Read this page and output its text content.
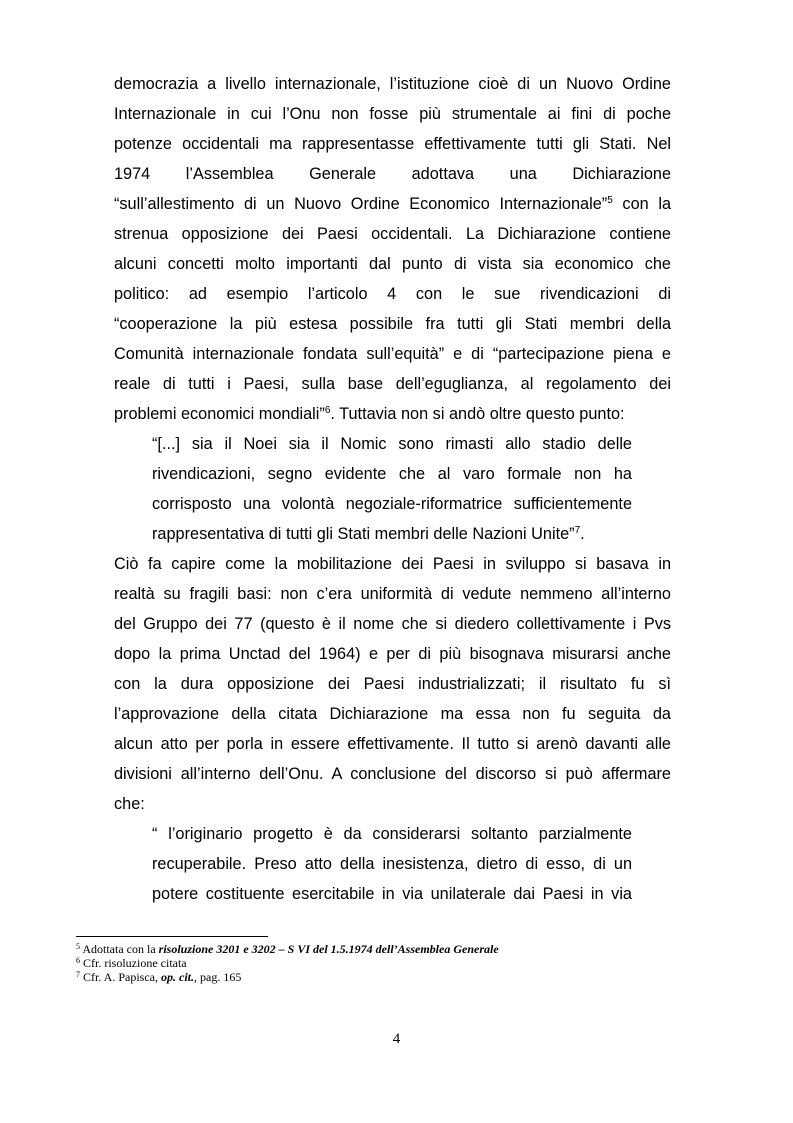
democrazia a livello internazionale, l’istituzione cioè di un Nuovo Ordine
Internazionale in cui l’Onu non fosse più strumentale ai fini di poche
potenze occidentali ma rappresentasse effettivamente tutti gli Stati. Nel
1974 l’Assemblea Generale adottava una Dichiarazione
“sull’allestimento di un Nuovo Ordine Economico Internazionale”$^5$ con la
strenua opposizione dei Paesi occidentali. La Dichiarazione contiene
alcuni concetti molto importanti dal punto di vista sia economico che
politico: ad esempio l’articolo 4 con le sue rivendicazioni di
“cooperazione la più estesa possibile fra tutti gli Stati membri della
Comunità internazionale fondata sull’equità” e di “partecipazione piena e
reale di tutti i Paesi, sulla base dell’eguglianza, al regolamento dei
problemi economici mondiali”$^6$. Tuttavia non si andò oltre questo punto:
“[...] sia il Noei sia il Nomic sono rimasti allo stadio delle
rivendicazioni, segno evidente che al varo formale non ha
corrisposto una volontà negoziale-riformatrice sufficientemente
rappresentativa di tutti gli Stati membri delle Nazioni Unite”$^7$.
Ciò fa capire come la mobilitazione dei Paesi in sviluppo si basava in
realtà su fragili basi: non c’era uniformità di vedute nemmeno all’interno
del Gruppo dei 77 (questo è il nome che si diedero collettivamente i Pvs
dopo la prima Unctad del 1964) e per di più bisognava misurarsi anche
con la dura opposizione dei Paesi industrializzati; il risultato fu sì
l’approvazione della citata Dichiarazione ma essa non fu seguita da
alcun atto per porla in essere effettivamente. Il tutto si arenò davanti alle
divisioni all’interno dell’Onu. A conclusione del discorso si può affermare
che:
“ l’originario progetto è da considerarsi soltanto parzialmente
recuperabile. Preso atto della inesistenza, dietro di esso, di un
potere costituente esercitabile in via unilaterale dai Paesi in via
$^5$ Adottata con la risoluzione 3201 e 3202 – S VI del 1.5.1974 dell’Assemblea Generale
$^6$ Cfr. risoluzione citata
$^7$ Cfr. A. Papisca, op. cit., pag. 165
4
